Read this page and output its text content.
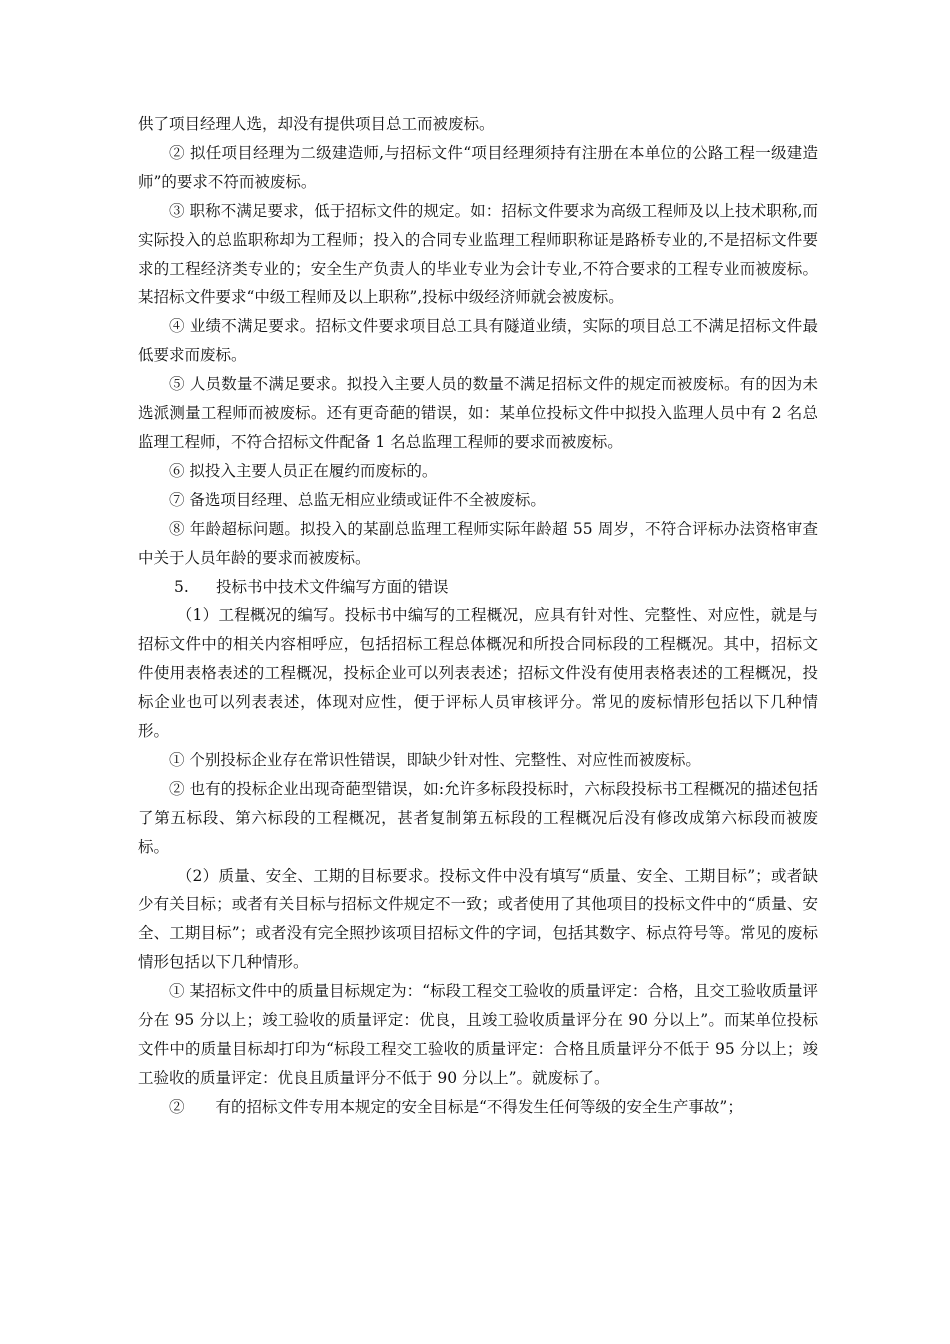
供了项目经理人选，却没有提供项目总工而被废标。

② 拟任项目经理为二级建造师,与招标文件“项目经理须持有注册在本单位的公路工程一级建造师”的要求不符而被废标。

③ 职称不满足要求，低于招标文件的规定。如：招标文件要求为高级工程师及以上技术职称,而实际投入的总监职称却为工程师；投入的合同专业监理工程师职称证是路桥专业的,不是招标文件要求的工程经济类专业的；安全生产负责人的毕业专业为会计专业,不符合要求的工程专业而被废标。某招标文件要求“中级工程师及以上职称”,投标中级经济师就会被废标。

④ 业绩不满足要求。招标文件要求项目总工具有隧道业绩，实际的项目总工不满足招标文件最低要求而废标。

⑤ 人员数量不满足要求。拟投入主要人员的数量不满足招标文件的规定而被废标。有的因为未选派测量工程师而被废标。还有更奇葩的错误，如：某单位投标文件中拟投入监理人员中有 2 名总监理工程师，不符合招标文件配备 1 名总监理工程师的要求而被废标。

⑥ 拟投入主要人员正在履约而废标的。

⑦ 备选项目经理、总监无相应业绩或证件不全被废标。

⑧ 年龄超标问题。拟投入的某副总监理工程师实际年龄超 55 周岁，不符合评标办法资格审查中关于人员年龄的要求而被废标。

5. 投标书中技术文件编写方面的错误

（1）工程概况的编写。投标书中编写的工程概况，应具有针对性、完整性、对应性，就是与招标文件中的相关内容相呼应，包括招标工程总体概况和所投合同标段的工程概况。其中，招标文件使用表格表述的工程概况，投标企业可以列表表述；招标文件没有使用表格表述的工程概况，投标企业也可以列表表述，体现对应性，便于评标人员审核评分。常见的废标情形包括以下几种情形。

① 个别投标企业存在常识性错误，即缺少针对性、完整性、对应性而被废标。

② 也有的投标企业出现奇葩型错误，如:允许多标段投标时，六标段投标书工程概况的描述包括了第五标段、第六标段的工程概况，甚者复制第五标段的工程概况后没有修改成第六标段而被废标。

（2）质量、安全、工期的目标要求。投标文件中没有填写“质量、安全、工期目标”；或者缺少有关目标；或者有关目标与招标文件规定不一致；或者使用了其他项目的投标文件中的“质量、安全、工期目标”；或者没有完全照抄该项目招标文件的字词，包括其数字、标点符号等。常见的废标情形包括以下几种情形。

① 某招标文件中的质量目标规定为：“标段工程交工验收的质量评定：合格，且交工验收质量评分在 95 分以上；竣工验收的质量评定：优良，且竣工验收质量评分在 90 分以上”。而某单位投标文件中的质量目标却打印为“标段工程交工验收的质量评定：合格且质量评分不低于 95 分以上；竣工验收的质量评定：优良且质量评分不低于 90 分以上”。就废标了。

②　　有的招标文件专用本规定的安全目标是“不得发生任何等级的安全生产事故”；
